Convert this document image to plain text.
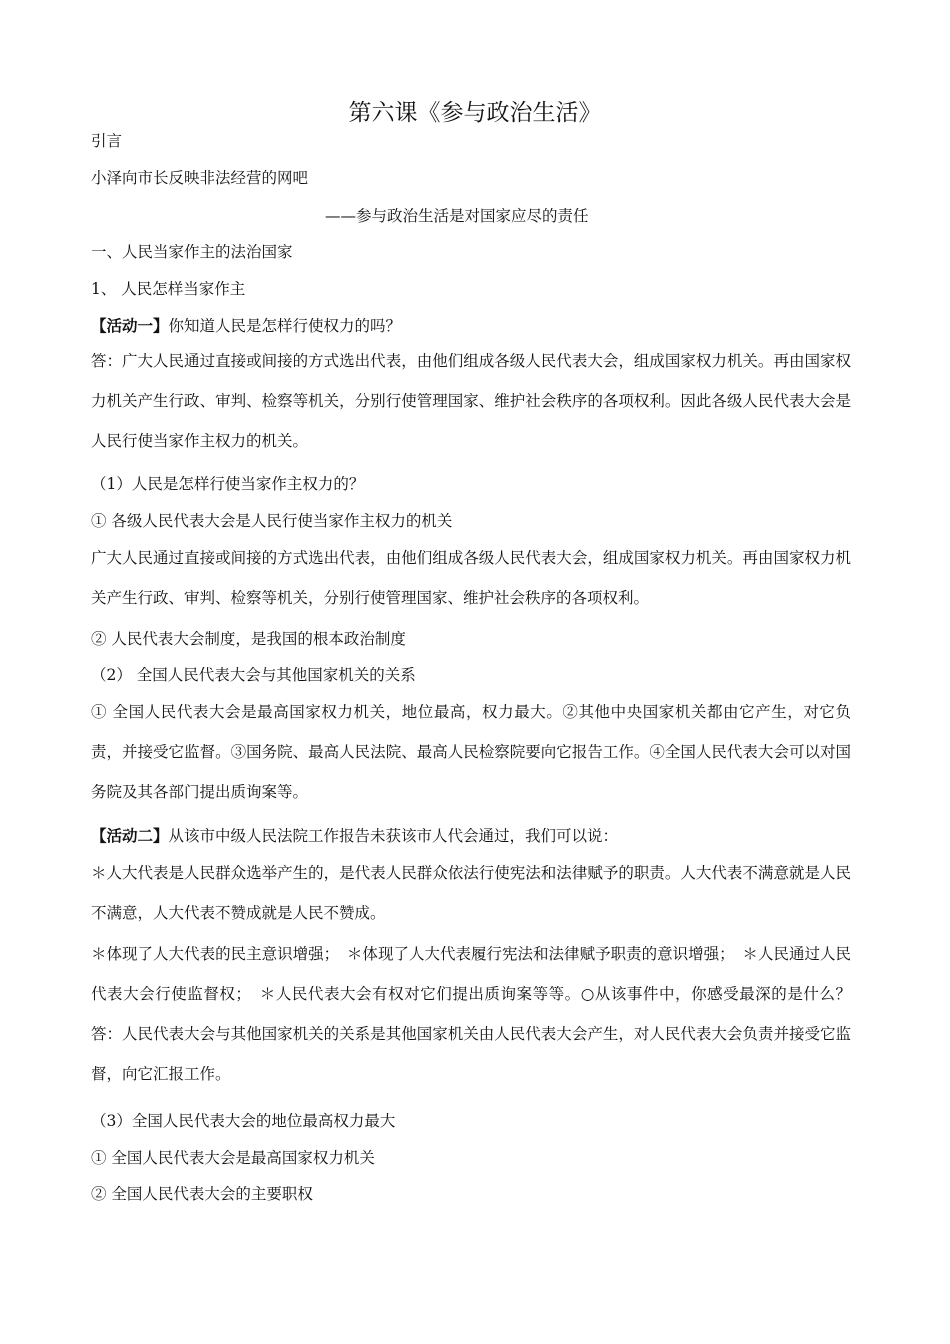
第六课《参与政治生活》

引言

小泽向市长反映非法经营的网吧

——参与政治生活是对国家应尽的责任

一、人民当家作主的法治国家

1、 人民怎样当家作主

【活动一】你知道人民是怎样行使权力的吗？

答：广大人民通过直接或间接的方式选出代表，由他们组成各级人民代表大会，组成国家权力机关。再由国家权力机关产生行政、审判、检察等机关，分别行使管理国家、维护社会秩序的各项权利。因此各级人民代表大会是人民行使当家作主权力的机关。

（1）人民是怎样行使当家作主权力的？

① 各级人民代表大会是人民行使当家作主权力的机关

广大人民通过直接或间接的方式选出代表，由他们组成各级人民代表大会，组成国家权力机关。再由国家权力机关产生行政、审判、检察等机关，分别行使管理国家、维护社会秩序的各项权利。

② 人民代表大会制度，是我国的根本政治制度

（2） 全国人民代表大会与其他国家机关的关系

① 全国人民代表大会是最高国家权力机关，地位最高，权力最大。②其他中央国家机关都由它产生，对它负责，并接受它监督。③国务院、最高人民法院、最高人民检察院要向它报告工作。④全国人民代表大会可以对国务院及其各部门提出质询案等。

【活动二】从该市中级人民法院工作报告未获该市人代会通过，我们可以说：

＊人大代表是人民群众选举产生的，是代表人民群众依法行使宪法和法律赋予的职责。人大代表不满意就是人民不满意，人大代表不赞成就是人民不赞成。

＊体现了人大代表的民主意识增强；　＊体现了人大代表履行宪法和法律赋予职责的意识增强；　＊人民通过人民代表大会行使监督权；　＊人民代表大会有权对它们提出质询案等等。○从该事件中，你感受最深的是什么？　答：人民代表大会与其他国家机关的关系是其他国家机关由人民代表大会产生，对人民代表大会负责并接受它监督，向它汇报工作。

（3）全国人民代表大会的地位最高权力最大

① 全国人民代表大会是最高国家权力机关

② 全国人民代表大会的主要职权
